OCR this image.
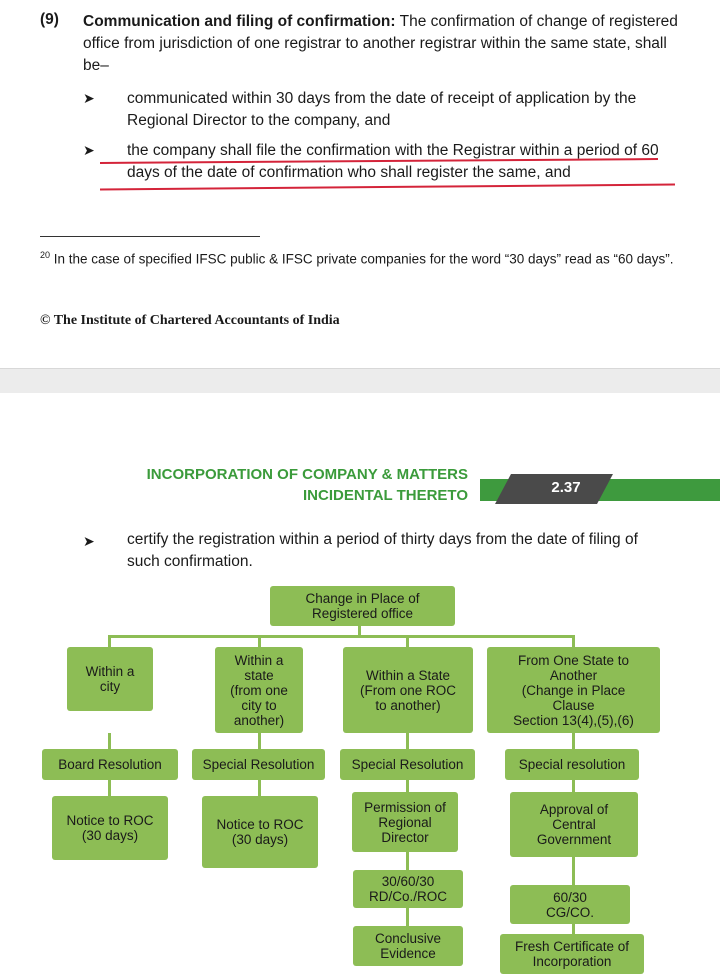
(9) Communication and filing of confirmation: The confirmation of change of registered office from jurisdiction of one registrar to another registrar within the same state, shall be–
➤ communicated within 30 days from the date of receipt of application by the Regional Director to the company, and
➤ the company shall file the confirmation with the Registrar within a period of 60 days of the date of confirmation who shall register the same, and
$^{20}$ In the case of specified IFSC public & IFSC private companies for the word “30 days” read as “60 days”.
© The Institute of Chartered Accountants of India
INCORPORATION OF COMPANY & MATTERS
INCIDENTAL THERETO	2.37
➤ certify the registration within a period of thirty days from the date of filing of such confirmation.
Change in Place of
Registered office
Within a
city
Within a
state
(from one
city to
another)
Within a State
(From one ROC
to another)
From One State to
Another
(Change in Place
Clause
Section 13(4),(5),(6)
Board Resolution	Special Resolution	Special Resolution	Special resolution
Notice to ROC
(30 days)
Notice to ROC
(30 days)
Permission of
Regional
Director
Approval of
Central
Government
30/60/30
RD/Co./ROC	60/30
CG/CO.
Conclusive
Evidence	Fresh Certificate of
Incorporation
